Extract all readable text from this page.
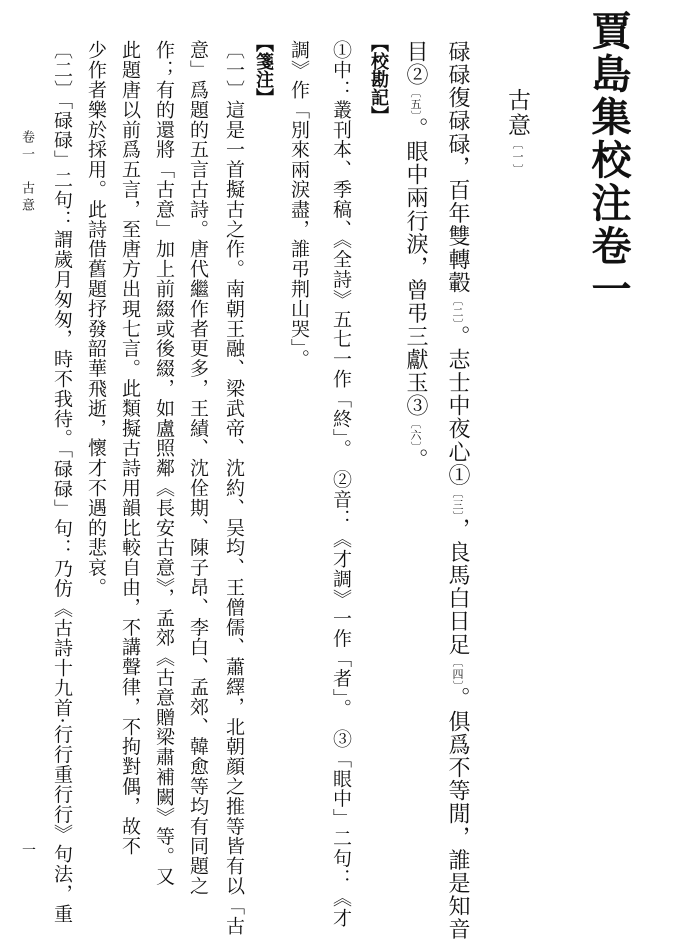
賈島集校注卷一
古意〔一〕
碌碌復碌碌，百年雙轉轂〔二〕。志士中夜心①〔三〕，良馬白日足〔四〕。俱爲不等閒，誰是知音
目②〔五〕。眼中兩行淚，曾弔三獻玉③〔六〕。
【校勘記】
①中：叢刊本、季稿、《全詩》五七一作「終」。　②音：《才調》一作「者」。　③「眼中」二句：《才
調》作「別來兩淚盡，誰弔荆山哭」。
【箋注】
〔一〕這是一首擬古之作。南朝王融、梁武帝、沈約、吴均、王僧儒、蕭繹，北朝顔之推等皆有以「古
意」爲題的五言古詩。唐代繼作者更多，王績、沈佺期、陳子昂、李白、孟郊、韓愈等均有同題之
作；有的還將「古意」加上前綴或後綴，如盧照鄰《長安古意》，孟郊《古意贈梁肅補闕》等。又
此題唐以前爲五言，至唐方出現七言。此類擬古詩用韻比較自由，不講聲律，不拘對偶，故不
少作者樂於採用。此詩借舊題抒發韶華飛逝，懷才不遇的悲哀。
〔二〕「碌碌」二句：謂歲月匆匆，時不我待。「碌碌」句：乃仿《古詩十九首·行行重行行》句法，重
卷一　古意
一
